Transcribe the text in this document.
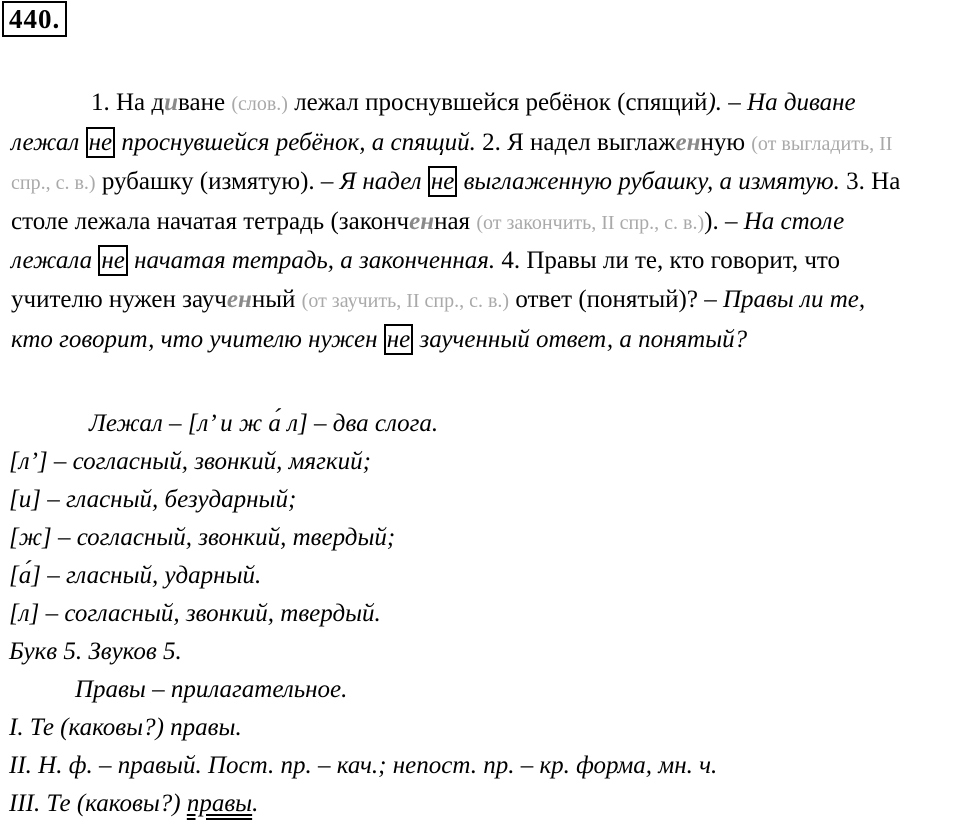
440.
1. На диване (слов.) лежал проснувшейся ребёнок (спящий). – На диване лежал не проснувшейся ребёнок, а спящий. 2. Я надел выглаженную (от выгладить, II спр., с. в.) рубашку (измятую). – Я надел не выглаженную рубашку, а измятую. 3. На столе лежала начатая тетрадь (законченная (от закончить, II спр., с. в.)). – На столе лежала не начатая тетрадь, а законченная. 4. Правы ли те, кто говорит, что учителю нужен заученный (от заучить, II спр., с. в.) ответ (понятый)? – Правы ли те, кто говорит, что учителю нужен не заученный ответ, а понятый?
Лежал – [л’ и ж а́ л] – два слога.
[л’] – согласный, звонкий, мягкий;
[и] – гласный, безударный;
[ж] – согласный, звонкий, твердый;
[а́] – гласный, ударный.
[л] – согласный, звонкий, твердый.
Букв 5. Звуков 5.
Правы – прилагательное.
I. Те (каковы?) правы.
II. Н. ф. – правый. Пост. пр. – кач.; непост. пр. – кр. форма, мн. ч.
III. Те (каковы?) правы.
